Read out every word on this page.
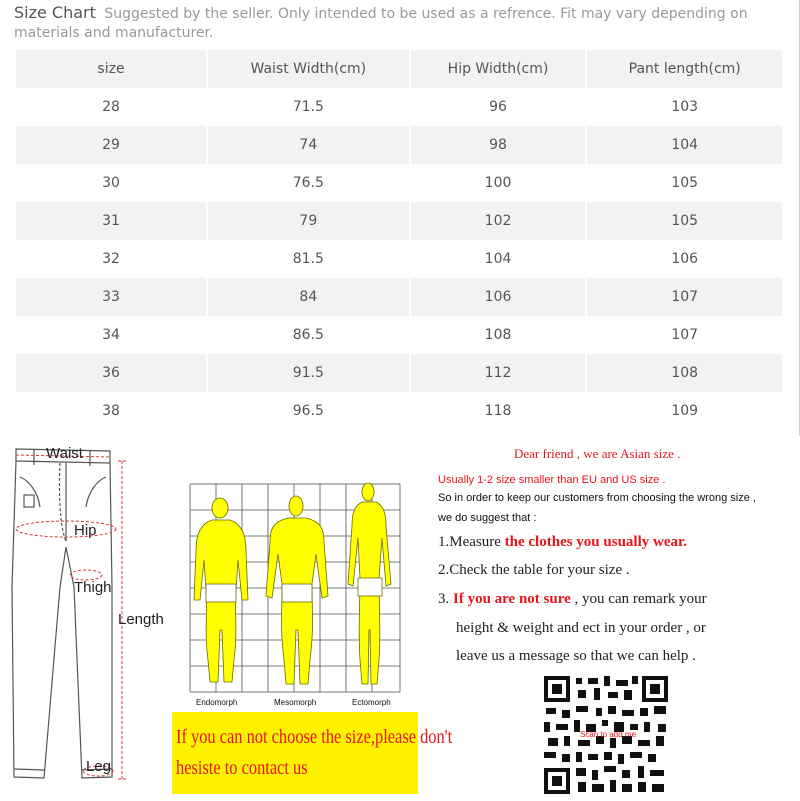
Size Chart Suggested by the seller. Only intended to be used as a refrence. Fit may vary depending on materials and manufacturer.
size	Waist Width(cm)	Hip Width(cm)	Pant length(cm)
28	71.5	96	103
29	74	98	104
30	76.5	100	105
31	79	102	105
32	81.5	104	106
33	84	106	107
34	86.5	108	107
36	91.5	112	108
38	96.5	118	109
Waist
Hip
Thigh
Length
Leg
Endomorph	Mesomorph	Ectomorph
If you can not choose the size,please don't
hesiste to contact us
Dear friend , we are Asian size .
Usually 1-2 size smaller than EU and US size .
So in order to keep our customers from choosing the wrong size ,
we do suggest that :
1.Measure the clothes you usually wear.
2.Check the table for your size .
3. If you are not sure , you can remark your
height & weight and ect in your order , or
leave us a message so that we can help .
Scan to add me
